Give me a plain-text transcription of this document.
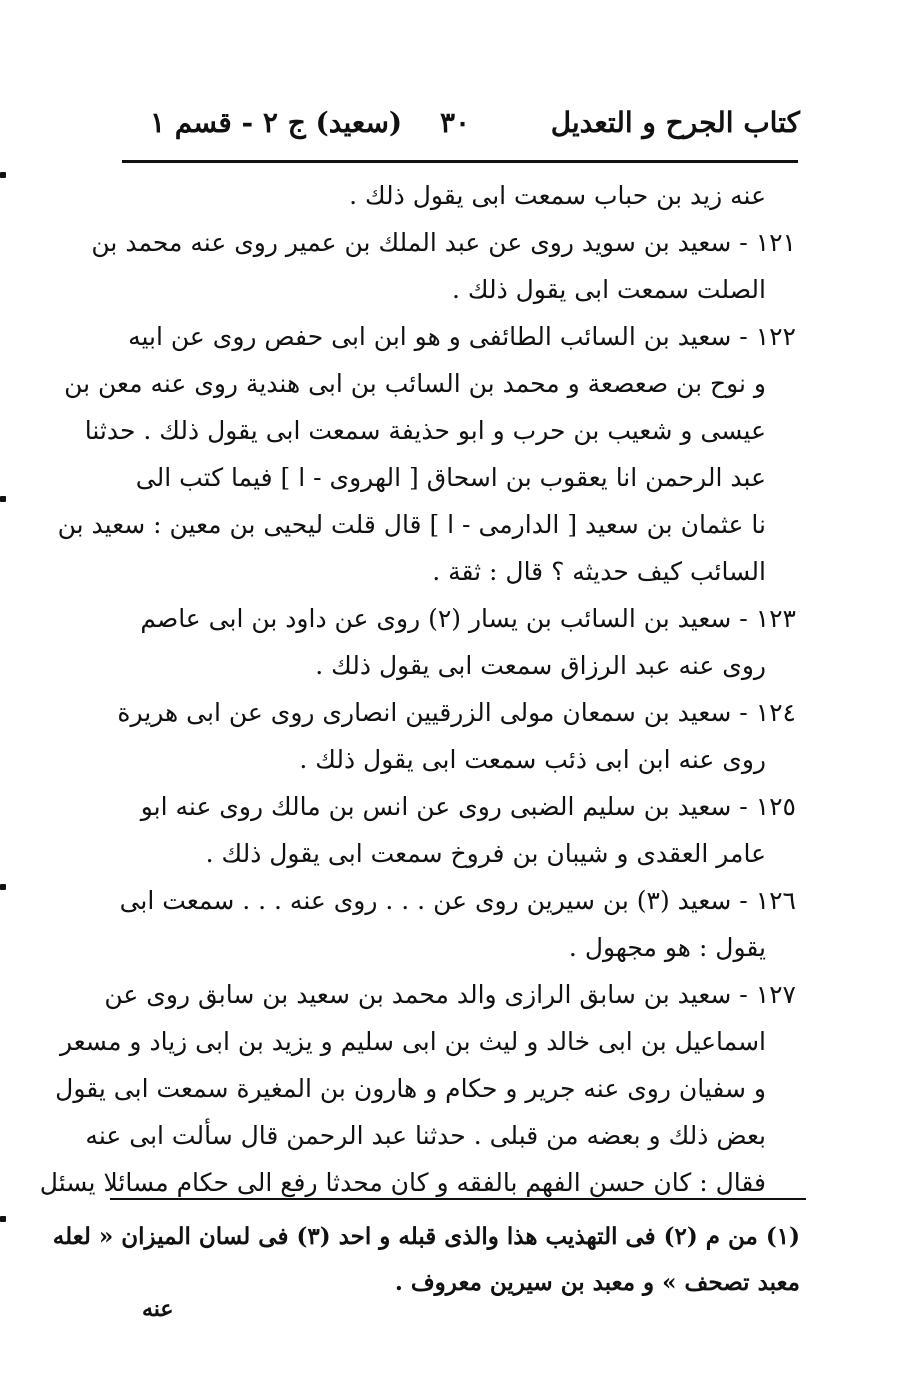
كتاب الجرح و التعديل
٣٠
(سعيد) ج ٢ - قسم ١
عنه زيد بن حباب سمعت ابى يقول ذلك .
١٢١ - سعيد بن سويد روى عن عبد الملك بن عمير روى عنه محمد بن
الصلت سمعت ابى يقول ذلك .
١٢٢ - سعيد بن السائب الطائفى و هو ابن ابى حفص روى عن ابيه
و نوح بن صعصعة و محمد بن السائب بن ابى هندية روى عنه معن بن
عيسى و شعيب بن حرب و ابو حذيفة سمعت ابى يقول ذلك . حدثنا
عبد الرحمن انا يعقوب بن اسحاق [ الهروى - ا ] فيما كتب الى
نا عثمان بن سعيد [ الدارمى - ا ] قال قلت ليحيى بن معين : سعيد بن
السائب كيف حديثه ؟ قال : ثقة .
١٢٣ - سعيد بن السائب بن يسار (٢) روى عن داود بن ابى عاصم
روى عنه عبد الرزاق سمعت ابى يقول ذلك .
١٢٤ - سعيد بن سمعان مولى الزرقيين انصارى روى عن ابى هريرة
روى عنه ابن ابى ذئب سمعت ابى يقول ذلك .
١٢٥ - سعيد بن سليم الضبى روى عن انس بن مالك روى عنه ابو
عامر العقدى و شيبان بن فروخ سمعت ابى يقول ذلك .
١٢٦ - سعيد (٣) بن سيرين روى عن . . . روى عنه . . . سمعت ابى
يقول : هو مجهول .
١٢٧ - سعيد بن سابق الرازى والد محمد بن سعيد بن سابق روى عن
اسماعيل بن ابى خالد و ليث بن ابى سليم و يزيد بن ابى زياد و مسعر
و سفيان روى عنه جرير و حكام و هارون بن المغيرة سمعت ابى يقول
بعض ذلك و بعضه من قبلى . حدثنا عبد الرحمن قال سألت ابى عنه
فقال : كان حسن الفهم بالفقه و كان محدثا رفع الى حكام مسائلا يسئل
(١) من م (٢) فى التهذيب هذا والذى قبله و احد (٣) فى لسان الميزان « لعله
معبد تصحف » و معبد بن سيرين معروف .
عنه
